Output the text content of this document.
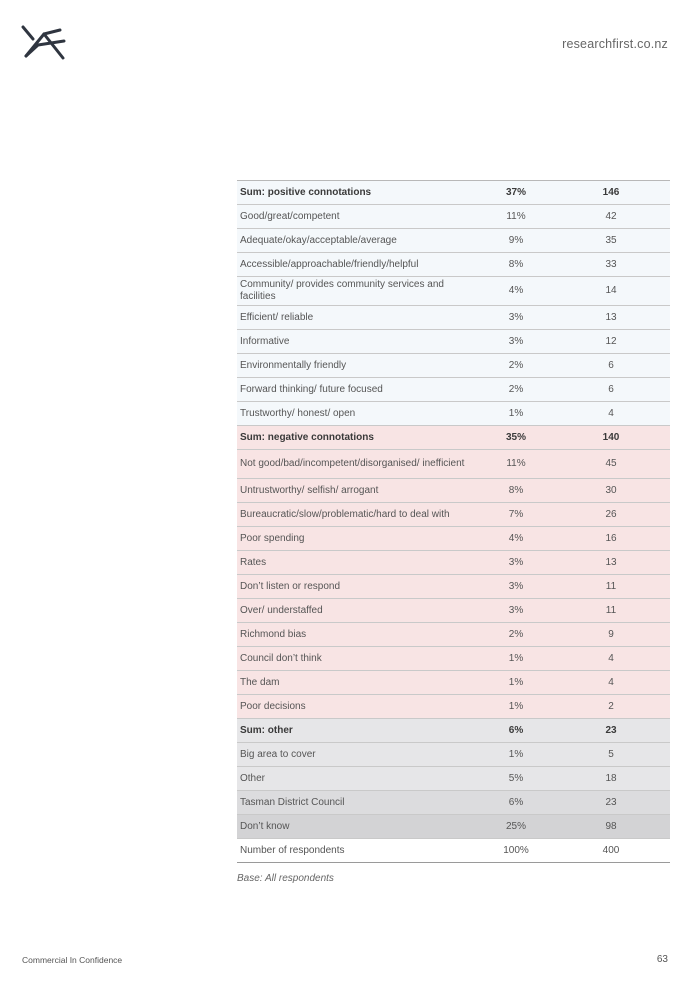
researchfirst.co.nz
Sum: positive connotations	37%	146
Good/great/competent	11%	42
Adequate/okay/acceptable/average	9%	35
Accessible/approachable/friendly/helpful	8%	33
Community/ provides community services and facilities	4%	14
Efficient/ reliable	3%	13
Informative	3%	12
Environmentally friendly	2%	6
Forward thinking/ future focused	2%	6
Trustworthy/ honest/ open	1%	4
Sum: negative connotations	35%	140
Not good/bad/incompetent/disorganised/ inefficient	11%	45
Untrustworthy/ selfish/ arrogant	8%	30
Bureaucratic/slow/problematic/hard to deal with	7%	26
Poor spending	4%	16
Rates	3%	13
Don’t listen or respond	3%	11
Over/ understaffed	3%	11
Richmond bias	2%	9
Council don’t think	1%	4
The dam	1%	4
Poor decisions	1%	2
Sum: other	6%	23
Big area to cover	1%	5
Other	5%	18
Tasman District Council	6%	23
Don’t know	25%	98
Number of respondents	100%	400
Base: All respondents
Commercial In Confidence	63
